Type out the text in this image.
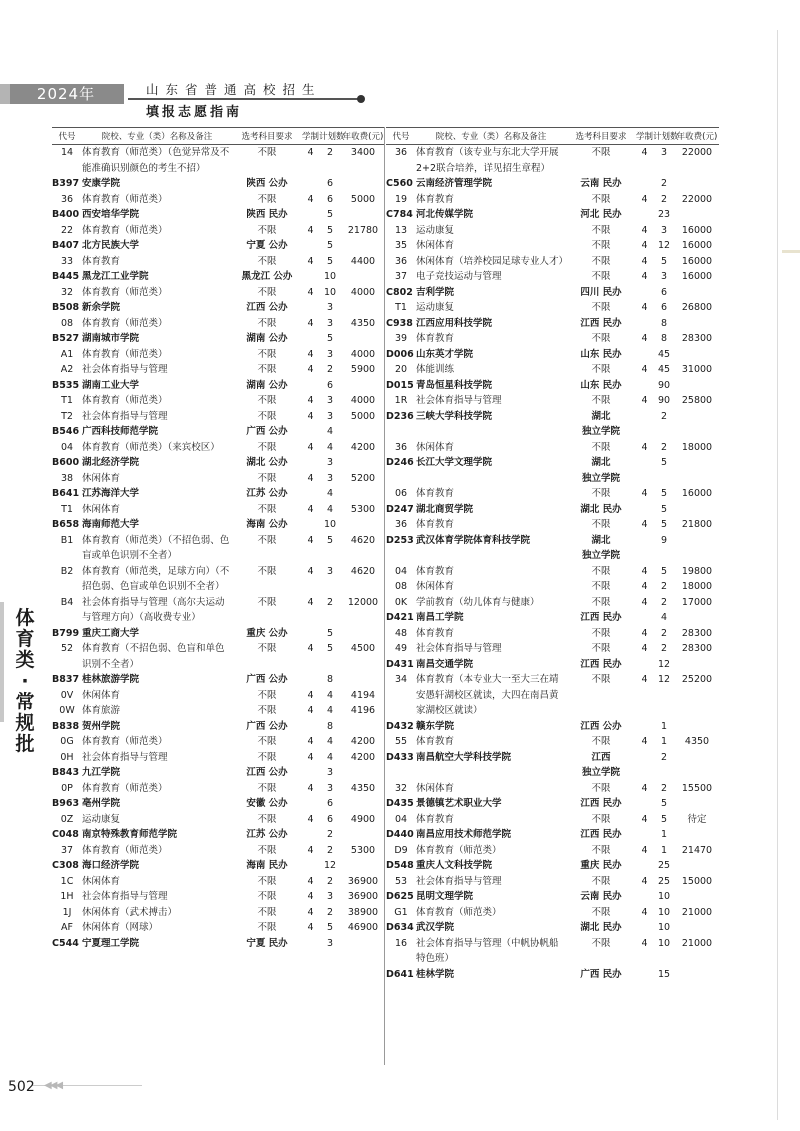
2024年	山东省普通高校招生
填报志愿指南
代号	院校、专业（类）名称及备注	选考科目要求	学制	计划数	年收费(元)
14	体育教育（师范类）（色觉异常及不能准确识别颜色的考生不招）	不限	4	2	3400
B397	安康学院	陕西 公办		6	
36	体育教育（师范类）	不限	4	6	5000
B400	西安培华学院	陕西 民办		5	
22	体育教育（师范类）	不限	4	5	21780
B407	北方民族大学	宁夏 公办		5	
33	体育教育	不限	4	5	4400
B445	黑龙江工业学院	黑龙江 公办		10	
32	体育教育（师范类）	不限	4	10	4000
B508	新余学院	江西 公办		3	
08	体育教育（师范类）	不限	4	3	4350
B527	湖南城市学院	湖南 公办		5	
A1	体育教育（师范类）	不限	4	3	4000
A2	社会体育指导与管理	不限	4	2	5900
B535	湖南工业大学	湖南 公办		6	
T1	体育教育（师范类）	不限	4	3	4000
T2	社会体育指导与管理	不限	4	3	5000
B546	广西科技师范学院	广西 公办		4	
04	体育教育（师范类）（来宾校区）	不限	4	4	4200
B600	湖北经济学院	湖北 公办		3	
38	休闲体育	不限	4	3	5200
B641	江苏海洋大学	江苏 公办		4	
T1	休闲体育	不限	4	4	5300
B658	海南师范大学	海南 公办		10	
B1	体育教育（师范类）（不招色弱、色盲或单色识别不全者）	不限	4	5	4620
B2	体育教育（师范类，足球方向）（不招色弱、色盲或单色识别不全者）	不限	4	3	4620
B4	社会体育指导与管理（高尔夫运动与管理方向）（高收费专业）	不限	4	2	12000
B799	重庆工商大学	重庆 公办		5	
52	体育教育（不招色弱、色盲和单色识别不全者）	不限	4	5	4500
B837	桂林旅游学院	广西 公办		8	
0V	休闲体育	不限	4	4	4194
0W	体育旅游	不限	4	4	4196
B838	贺州学院	广西 公办		8	
0G	体育教育（师范类）	不限	4	4	4200
0H	社会体育指导与管理	不限	4	4	4200
B843	九江学院	江西 公办		3	
0P	体育教育（师范类）	不限	4	3	4350
B963	亳州学院	安徽 公办		6	
0Z	运动康复	不限	4	6	4900
C048	南京特殊教育师范学院	江苏 公办		2	
37	体育教育（师范类）	不限	4	2	5300
C308	海口经济学院	海南 民办		12	
1C	休闲体育	不限	4	2	36900
1H	社会体育指导与管理	不限	4	3	36900
1J	休闲体育（武术搏击）	不限	4	2	38900
AF	休闲体育（网球）	不限	4	5	46900
C544	宁夏理工学院	宁夏 民办		3	
代号	院校、专业（类）名称及备注	选考科目要求	学制	计划数	年收费(元)
36	体育教育（该专业与东北大学开展2+2联合培养，详见招生章程）	不限	4	3	22000
C560	云南经济管理学院	云南 民办		2	
19	体育教育	不限	4	2	22000
C784	河北传媒学院	河北 民办		23	
13	运动康复	不限	4	3	16000
35	休闲体育	不限	4	12	16000
36	休闲体育（培养校园足球专业人才）	不限	4	5	16000
37	电子竞技运动与管理	不限	4	3	16000
C802	吉利学院	四川 民办		6	
T1	运动康复	不限	4	6	26800
C938	江西应用科技学院	江西 民办		8	
39	体育教育	不限	4	8	28300
D006	山东英才学院	山东 民办		45	
20	体能训练	不限	4	45	31000
D015	青岛恒星科技学院	山东 民办		90	
1R	社会体育指导与管理	不限	4	90	25800
D236	三峡大学科技学院	湖北		2	
		独立学院			
36	休闲体育	不限	4	2	18000
D246	长江大学文理学院	湖北		5	
		独立学院			
06	体育教育	不限	4	5	16000
D247	湖北商贸学院	湖北 民办		5	
36	体育教育	不限	4	5	21800
D253	武汉体育学院体育科技学院	湖北		9	
		独立学院			
04	体育教育	不限	4	5	19800
08	休闲体育	不限	4	2	18000
0K	学前教育（幼儿体育与健康）	不限	4	2	17000
D421	南昌工学院	江西 民办		4	
48	体育教育	不限	4	2	28300
49	社会体育指导与管理	不限	4	2	28300
D431	南昌交通学院	江西 民办		12	
34	体育教育（本专业大一至大三在靖安愚轩湖校区就读，大四在南昌黄家湖校区就读）	不限	4	12	25200
D432	赣东学院	江西 公办		1	
55	体育教育	不限	4	1	4350
D433	南昌航空大学科技学院	江西		2	
		独立学院			
32	休闲体育	不限	4	2	15500
D435	景德镇艺术职业大学	江西 民办		5	
04	体育教育	不限	4	5	待定
D440	南昌应用技术师范学院	江西 民办		1	
D9	体育教育（师范类）	不限	4	1	21470
D548	重庆人文科技学院	重庆 民办		25	
53	社会体育指导与管理	不限	4	25	15000
D625	昆明文理学院	云南 民办		10	
G1	体育教育（师范类）	不限	4	10	21000
D634	武汉学院	湖北 民办		10	
16	社会体育指导与管理（中帆协帆船特色班）	不限	4	10	21000
D641	桂林学院	广西 民办		15	
体育类·常规批
502 ◀◀◀
